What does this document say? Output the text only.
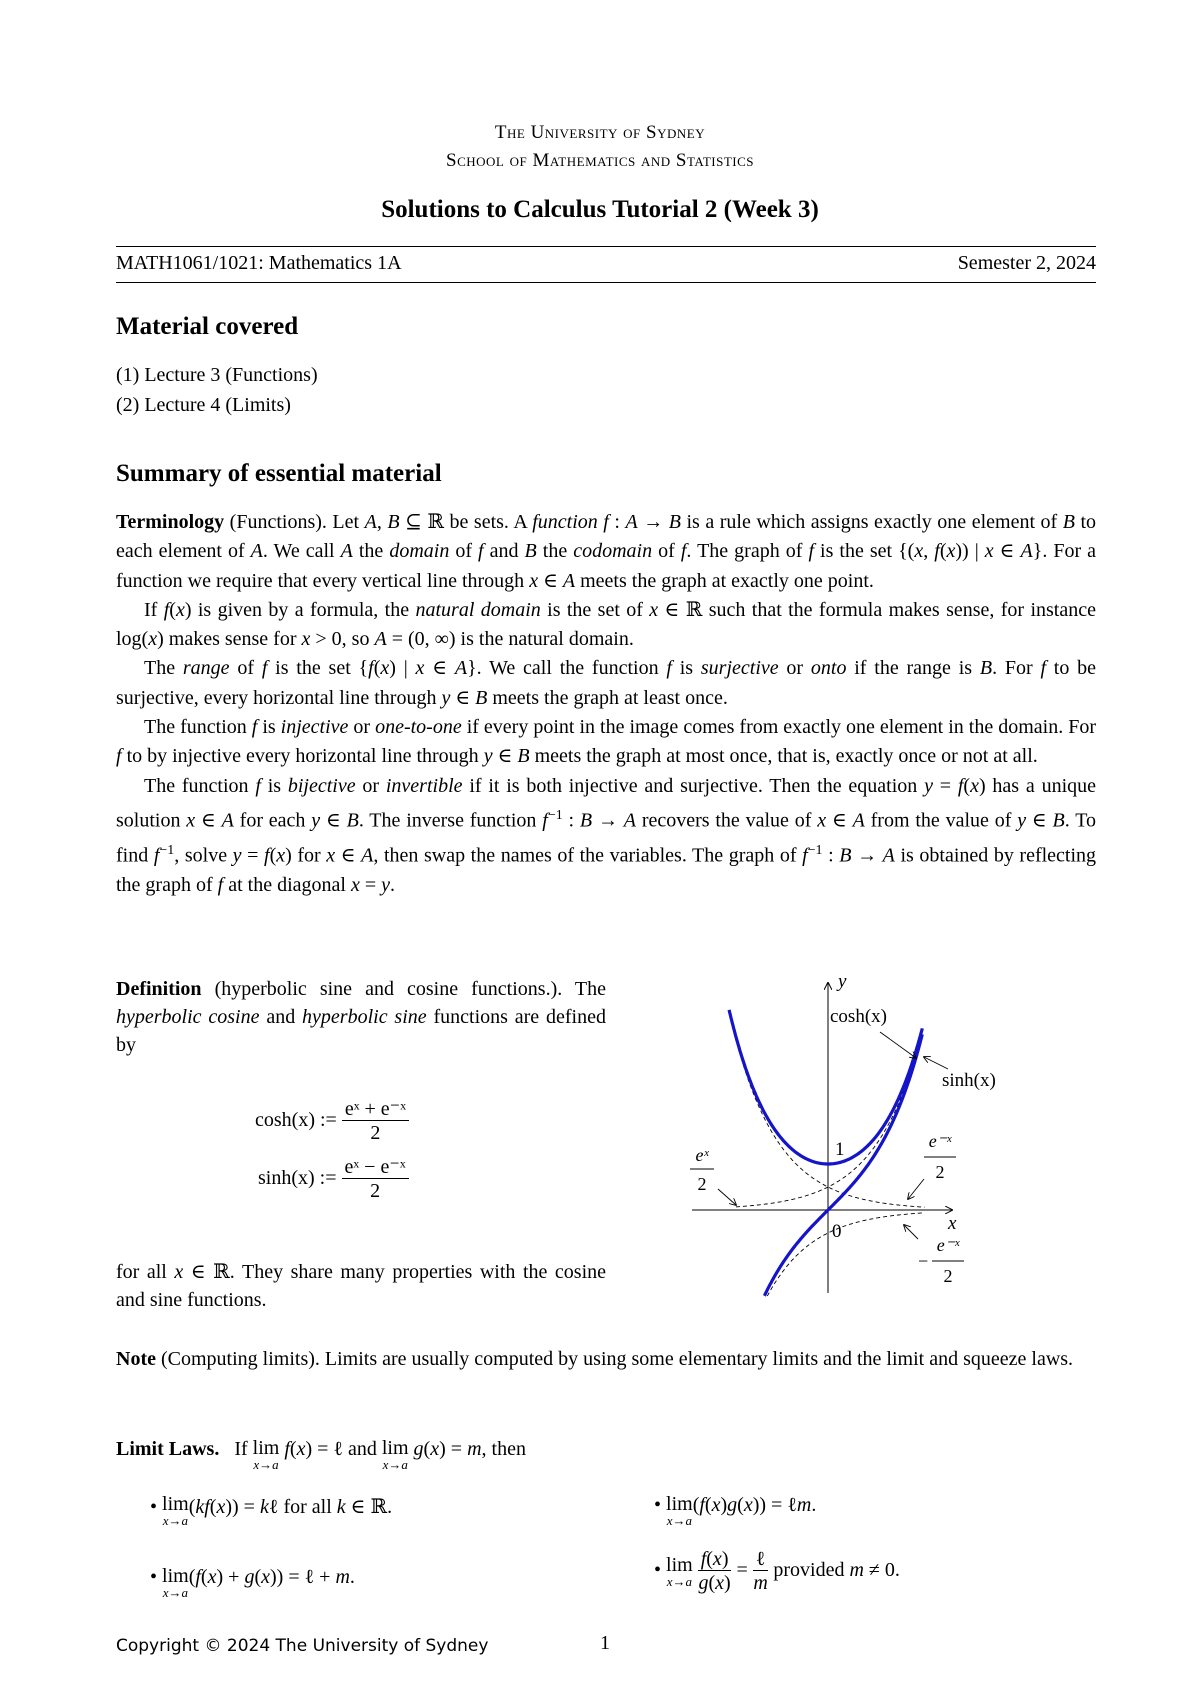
The University of Sydney
School of Mathematics and Statistics
Solutions to Calculus Tutorial 2 (Week 3)
MATH1061/1021: Mathematics 1A	Semester 2, 2024
Material covered
(1) Lecture 3 (Functions)
(2) Lecture 4 (Limits)
Summary of essential material

Terminology (Functions). Let A, B ⊆ ℝ be sets. A function f : A → B is a rule which assigns exactly one element of B to each element of A. We call A the domain of f and B the codomain of f. The graph of f is the set {(x, f(x)) | x ∈ A}. For a function we require that every vertical line through x ∈ A meets the graph at exactly one point.

If f(x) is given by a formula, the natural domain is the set of x ∈ ℝ such that the formula makes sense, for instance log(x) makes sense for x > 0, so A = (0, ∞) is the natural domain.

The range of f is the set {f(x) | x ∈ A}. We call the function f is surjective or onto if the range is B. For f to be surjective, every horizontal line through y ∈ B meets the graph at least once.

The function f is injective or one-to-one if every point in the image comes from exactly one element in the domain. For f to by injective every horizontal line through y ∈ B meets the graph at most once, that is, exactly once or not at all.

The function f is bijective or invertible if it is both injective and surjective. Then the equation y = f(x) has a unique solution x ∈ A for each y ∈ B. The inverse function $f^{-1}$ : B → A recovers the value of x ∈ A from the value of y ∈ B. To find $f^{-1}$, solve y = f(x) for x ∈ A, then swap the names of the variables. The graph of $f^{-1}$ : B → A is obtained by reflecting the graph of f at the diagonal x = y.

Definition (hyperbolic sine and cosine functions.). The hyperbolic cosine and hyperbolic sine functions are defined by
cosh(x) := $\frac{\text{eˣ + e⁻ˣ}}{2}$
sinh(x) := $\frac{\text{eˣ − e⁻ˣ}}{2}$
for all x ∈ ℝ. They share many properties with the cosine and sine functions.
y
x
cosh(x)
sinh(x)
1
0
eˣ
2
e⁻ˣ
2
e⁻ˣ
−
2
Note (Computing limits). Limits are usually computed by using some elementary limits and the limit and squeeze laws.
Limit Laws.   If lim
x→a
f(x) = ℓ and lim
x→a
g(x) = m, then
• lim
x→a
(kf(x)) = kℓ for all k ∈ ℝ.	• lim
x→a
(f(x)g(x)) = ℓm.
• lim
x→a
(f(x) + g(x)) = ℓ + m.	• lim
x→a
$\frac{f(x)}{g(x)} = \frac{\text{ℓ}}{m}$ provided m ≠ 0.
Copyright © 2024 The University of Sydney	1
